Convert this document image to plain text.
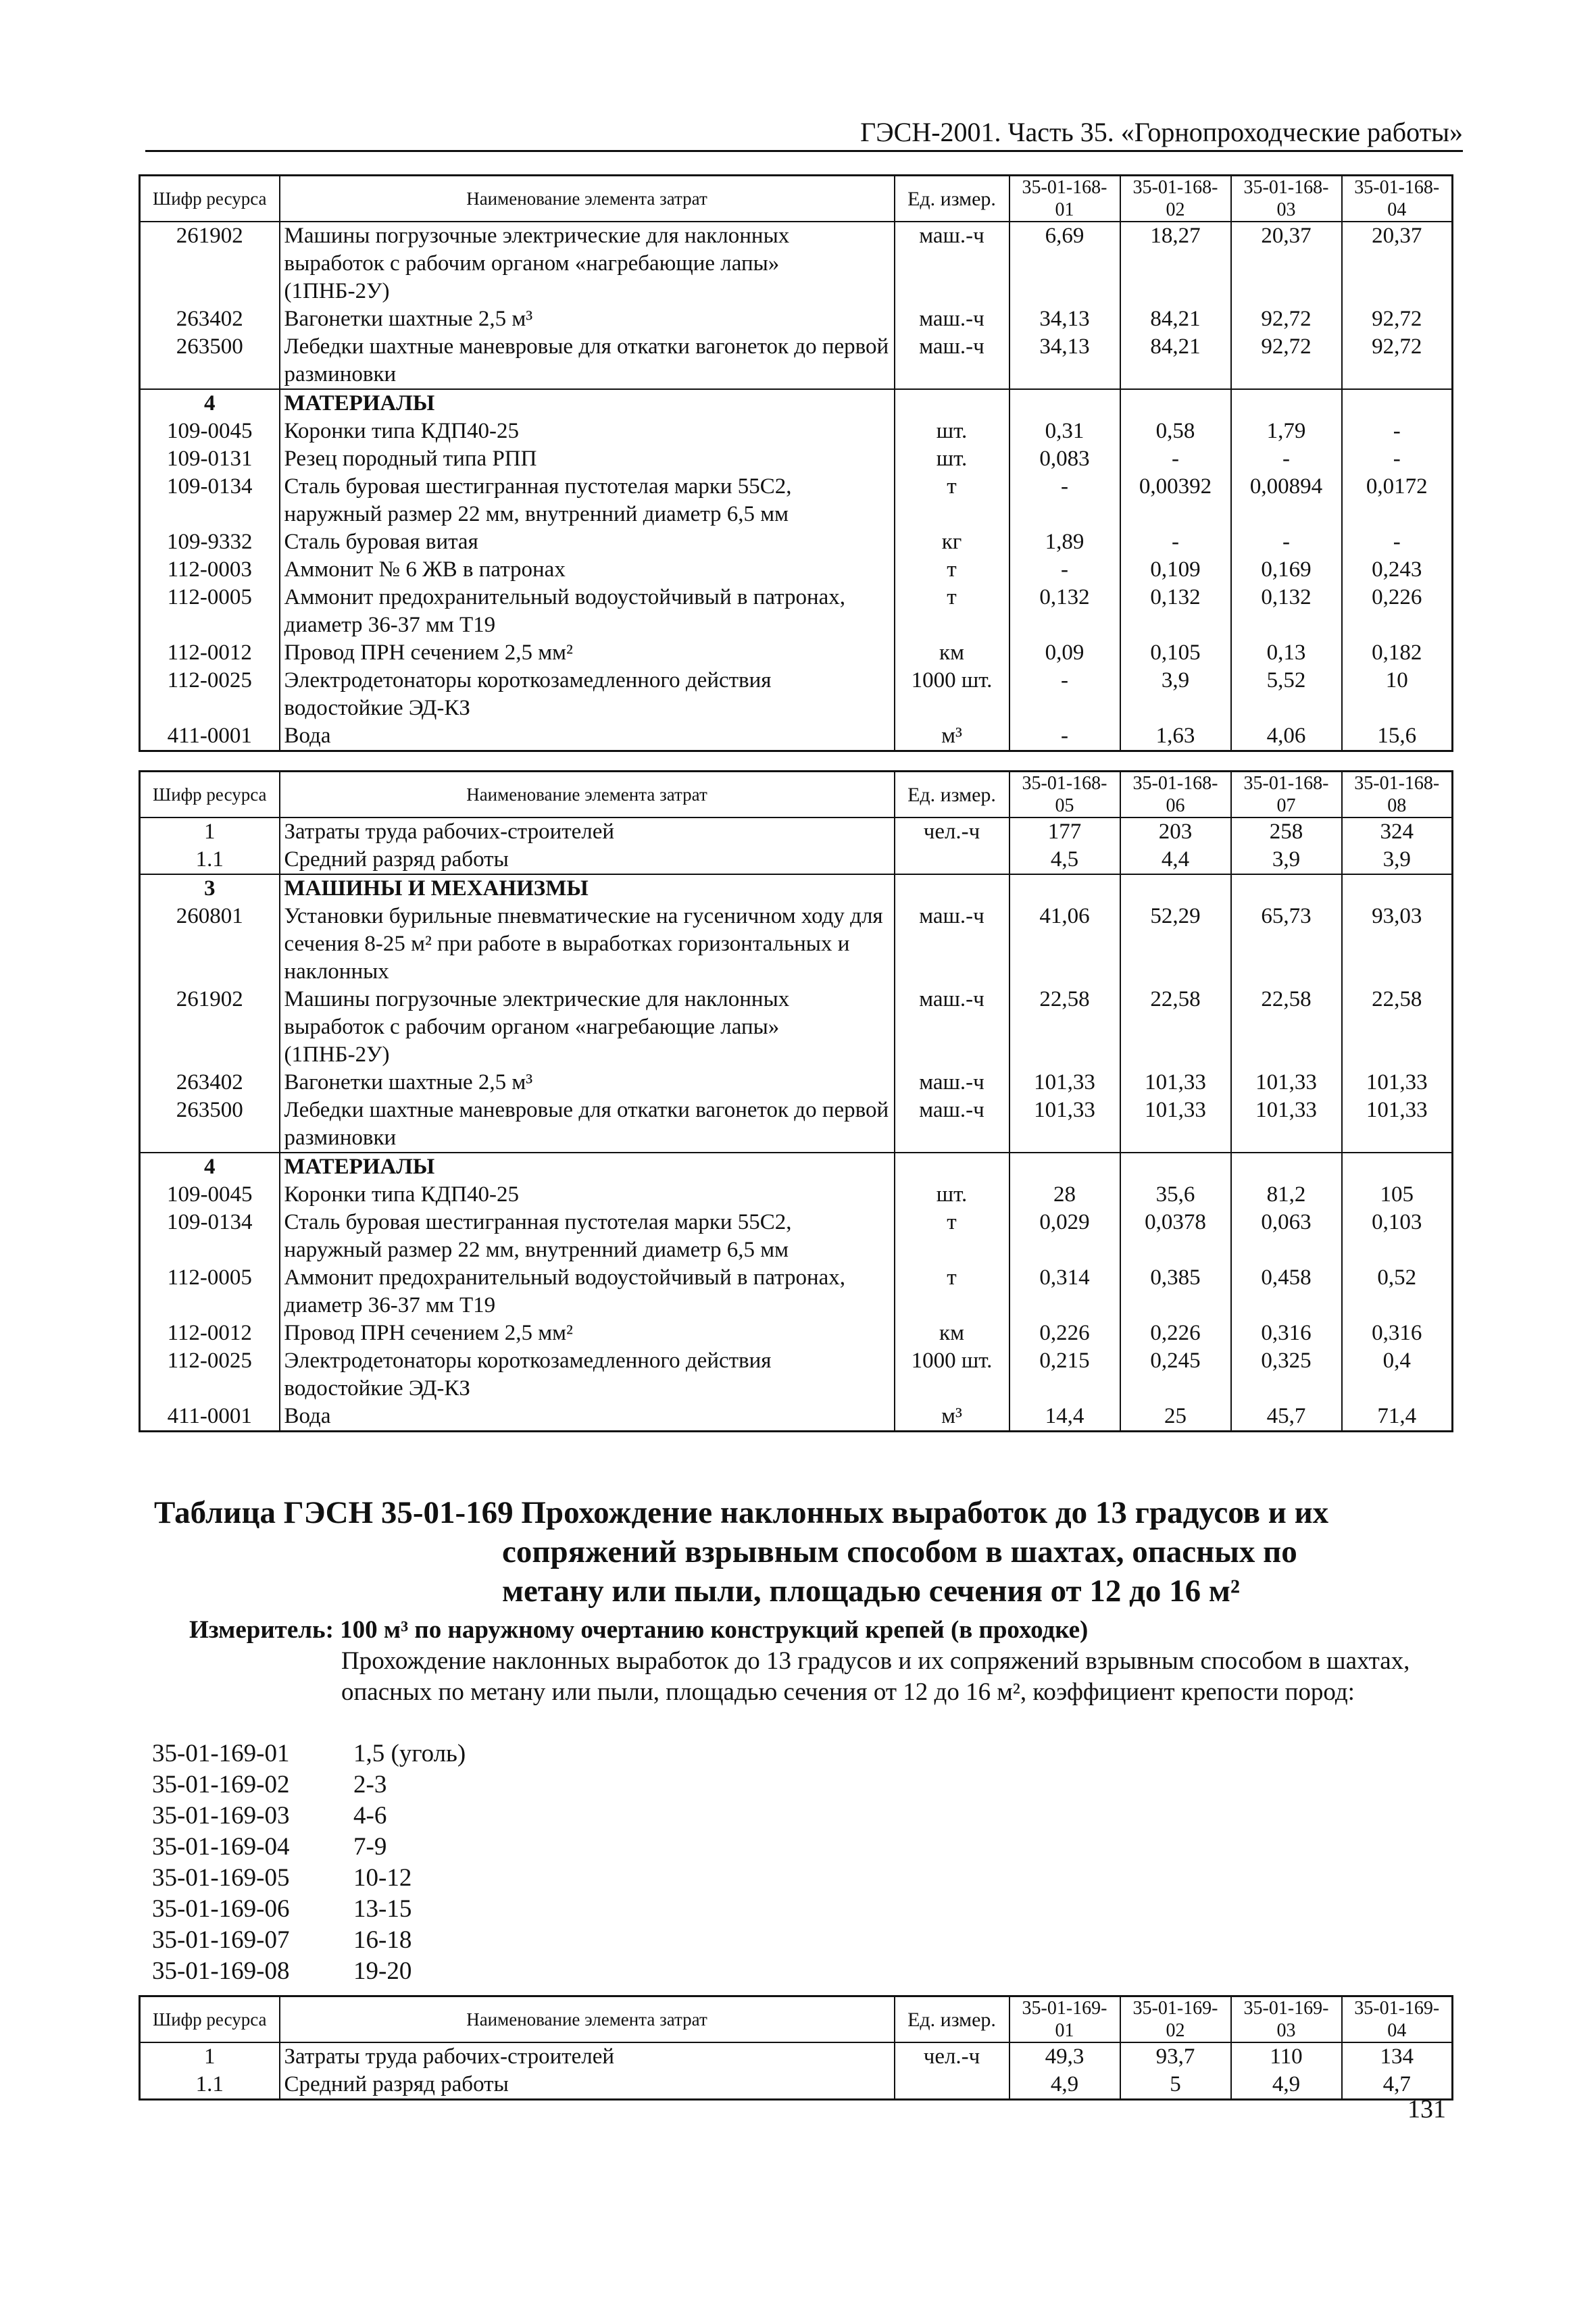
ГЭСН-2001. Часть 35. «Горнопроходческие работы»
Шифр ресурса	Наименование элемента затрат	Ед. измер.	35-01-168-01	35-01-168-02	35-01-168-03	35-01-168-04
261902	Машины погрузочные электрические для наклонных выработок с рабочим органом «нагребающие лапы» (1ПНБ-2У)	маш.-ч	6,69	18,27	20,37	20,37
263402	Вагонетки шахтные 2,5 м³	маш.-ч	34,13	84,21	92,72	92,72
263500	Лебедки шахтные маневровые для откатки вагонеток до первой разминовки	маш.-ч	34,13	84,21	92,72	92,72
4	МАТЕРИАЛЫ					
109-0045	Коронки типа КДП40-25	шт.	0,31	0,58	1,79	-
109-0131	Резец породный типа РПП	шт.	0,083	-	-	-
109-0134	Сталь буровая шестигранная пустотелая марки 55С2, наружный размер 22 мм, внутренний диаметр 6,5 мм	т	-	0,00392	0,00894	0,0172
109-9332	Сталь буровая витая	кг	1,89	-	-	-
112-0003	Аммонит № 6 ЖВ в патронах	т	-	0,109	0,169	0,243
112-0005	Аммонит предохранительный водоустойчивый в патронах, диаметр 36-37 мм Т19	т	0,132	0,132	0,132	0,226
112-0012	Провод ПРН сечением 2,5 мм²	км	0,09	0,105	0,13	0,182
112-0025	Электродетонаторы короткозамедленного действия водостойкие ЭД-КЗ	1000 шт.	-	3,9	5,52	10
411-0001	Вода	м³	-	1,63	4,06	15,6
Шифр ресурса	Наименование элемента затрат	Ед. измер.	35-01-168-05	35-01-168-06	35-01-168-07	35-01-168-08
1	Затраты труда рабочих-строителей	чел.-ч	177	203	258	324
1.1	Средний разряд работы		4,5	4,4	3,9	3,9
3	МАШИНЫ И МЕХАНИЗМЫ					
260801	Установки бурильные пневматические на гусеничном ходу для сечения 8-25 м² при работе в выработках горизонтальных и наклонных	маш.-ч	41,06	52,29	65,73	93,03
261902	Машины погрузочные электрические для наклонных выработок с рабочим органом «нагребающие лапы» (1ПНБ-2У)	маш.-ч	22,58	22,58	22,58	22,58
263402	Вагонетки шахтные 2,5 м³	маш.-ч	101,33	101,33	101,33	101,33
263500	Лебедки шахтные маневровые для откатки вагонеток до первой разминовки	маш.-ч	101,33	101,33	101,33	101,33
4	МАТЕРИАЛЫ					
109-0045	Коронки типа КДП40-25	шт.	28	35,6	81,2	105
109-0134	Сталь буровая шестигранная пустотелая марки 55С2, наружный размер 22 мм, внутренний диаметр 6,5 мм	т	0,029	0,0378	0,063	0,103
112-0005	Аммонит предохранительный водоустойчивый в патронах, диаметр 36-37 мм Т19	т	0,314	0,385	0,458	0,52
112-0012	Провод ПРН сечением 2,5 мм²	км	0,226	0,226	0,316	0,316
112-0025	Электродетонаторы короткозамедленного действия водостойкие ЭД-КЗ	1000 шт.	0,215	0,245	0,325	0,4
411-0001	Вода	м³	14,4	25	45,7	71,4
Таблица ГЭСН 35-01-169 Прохождение наклонных выработок до 13 градусов и их
сопряжений взрывным способом в шахтах, опасных по
метану или пыли, площадью сечения от 12 до 16 м²
Измеритель: 100 м³ по наружному очертанию конструкций крепей (в проходке)
Прохождение наклонных выработок до 13 градусов и их сопряжений взрывным способом в шахтах, опасных по метану или пыли, площадью сечения от 12 до 16 м², коэффициент крепости пород:
35-01-169-01	1,5 (уголь)
35-01-169-02	2-3
35-01-169-03	4-6
35-01-169-04	7-9
35-01-169-05	10-12
35-01-169-06	13-15
35-01-169-07	16-18
35-01-169-08	19-20
Шифр ресурса	Наименование элемента затрат	Ед. измер.	35-01-169-01	35-01-169-02	35-01-169-03	35-01-169-04
1	Затраты труда рабочих-строителей	чел.-ч	49,3	93,7	110	134
1.1	Средний разряд работы		4,9	5	4,9	4,7
131
